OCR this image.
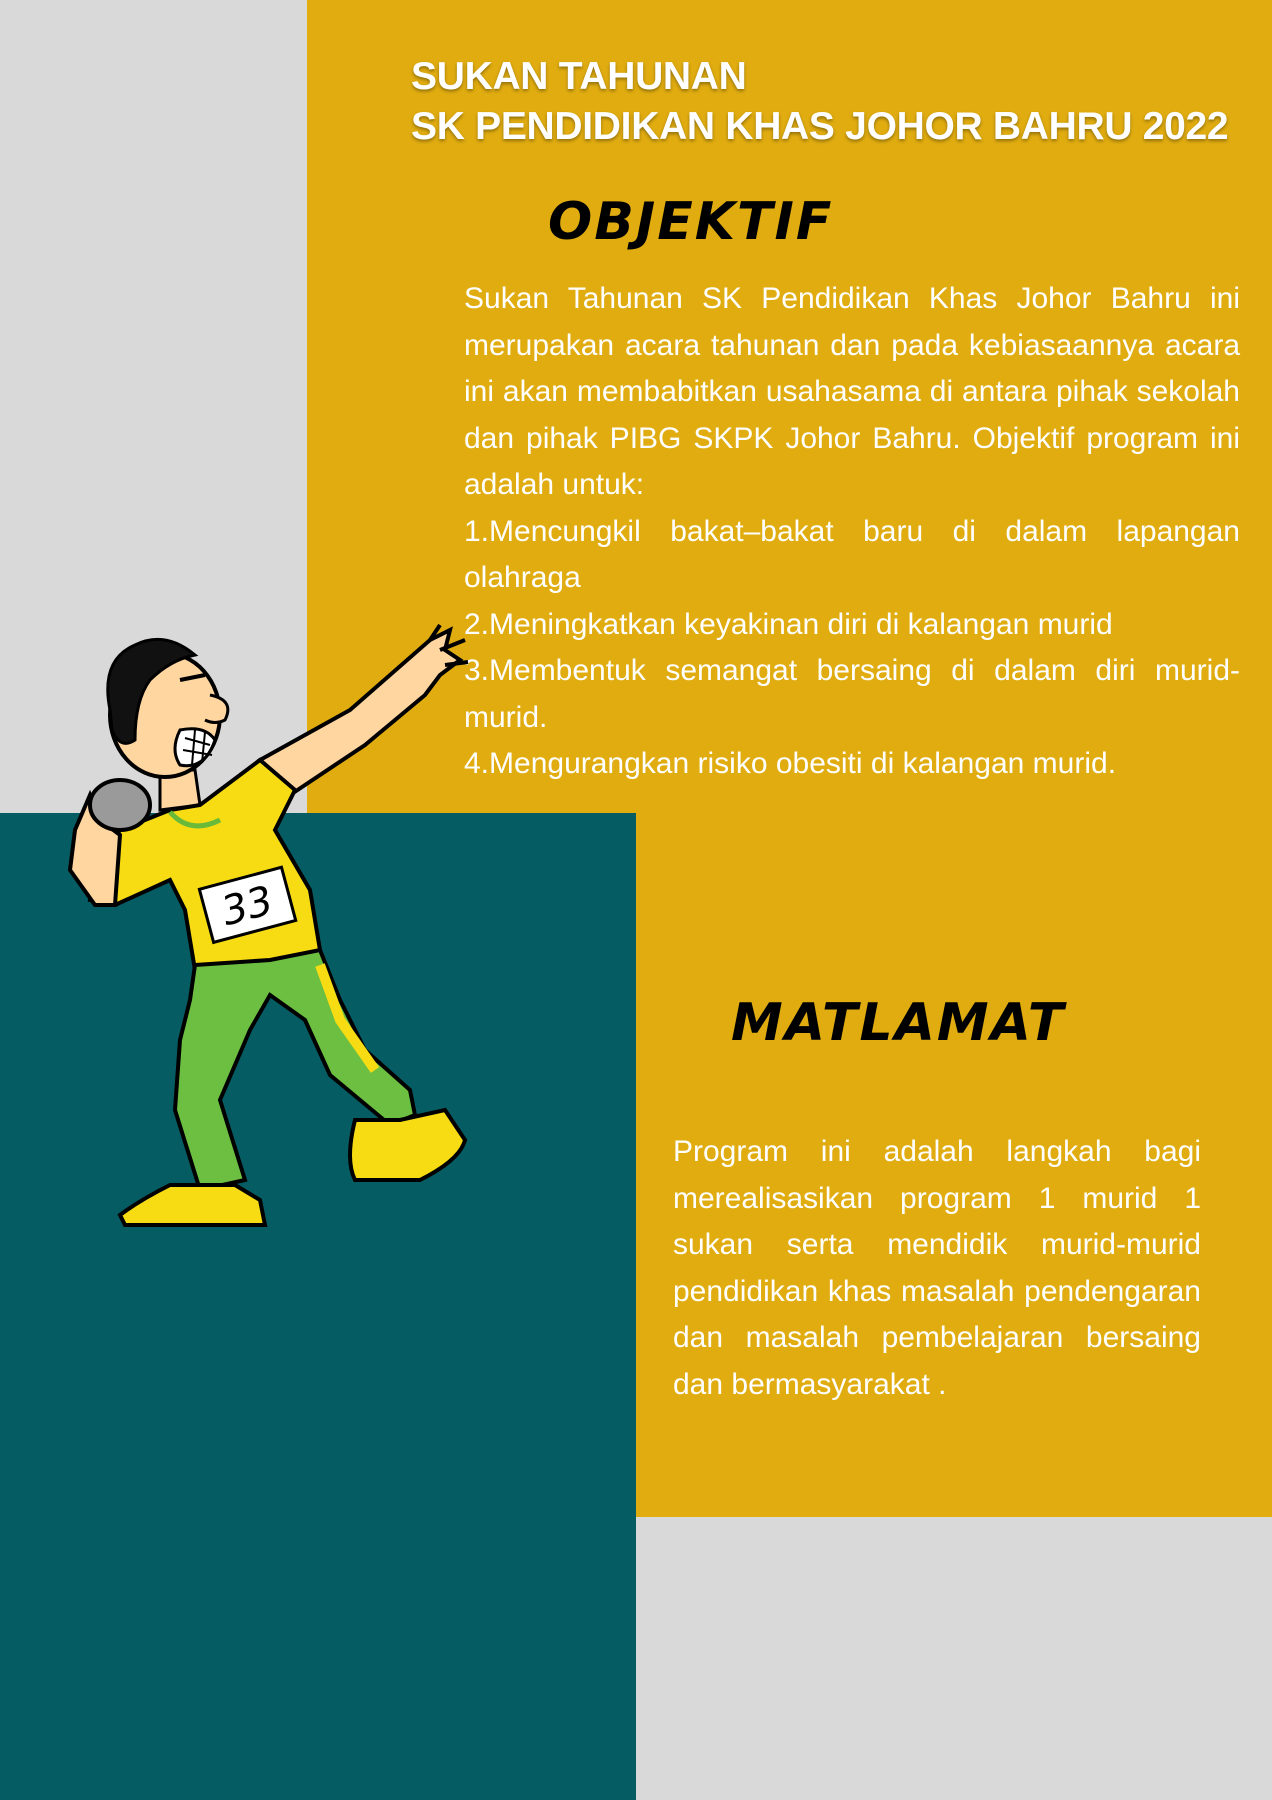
SUKAN TAHUNAN
SK PENDIDIKAN KHAS JOHOR BAHRU 2022
OBJEKTIF

Sukan Tahunan SK Pendidikan Khas Johor Bahru ini merupakan acara tahunan dan pada kebiasaannya acara ini akan membabitkan usahasama di antara pihak sekolah dan pihak PIBG SKPK Johor Bahru. Objektif program ini adalah untuk:

1.Mencungkil bakat–bakat baru di dalam lapangan olahraga

2.Meningkatkan keyakinan diri di kalangan murid

3.Membentuk semangat bersaing di dalam diri murid-murid.

4.Mengurangkan risiko obesiti di kalangan murid.

MATLAMAT

Program ini adalah langkah bagi merealisasikan program 1 murid 1 sukan serta mendidik murid-murid pendidikan khas masalah pendengaran dan masalah pembelajaran bersaing dan bermasyarakat .

33
